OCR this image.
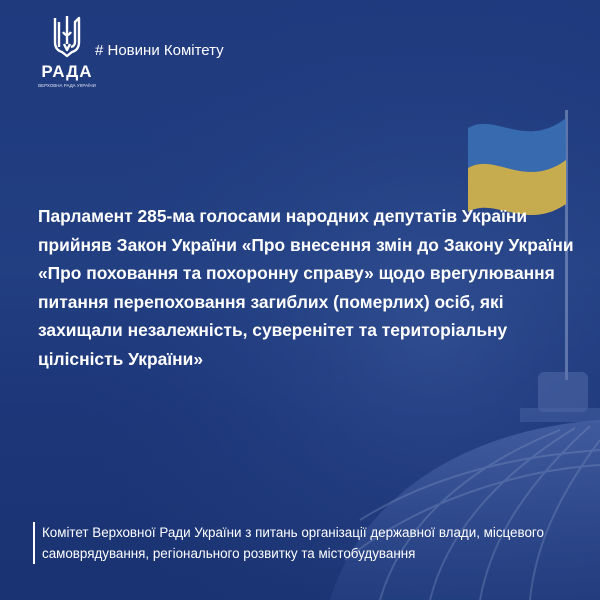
РАДА
ВЕРХОВНА РАДА УКРАЇНИ
# Новини Комітету
Парламент 285-ма голосами народних депутатів України прийняв Закон України «Про внесення змін до Закону України «Про поховання та похоронну справу» щодо врегулювання питання перепоховання загиблих (померлих) осіб, які захищали незалежність, суверенітет та територіальну цілісність України»
Комітет Верховної Ради України з питань організації державної влади, місцевого самоврядування, регіонального розвитку та містобудування
